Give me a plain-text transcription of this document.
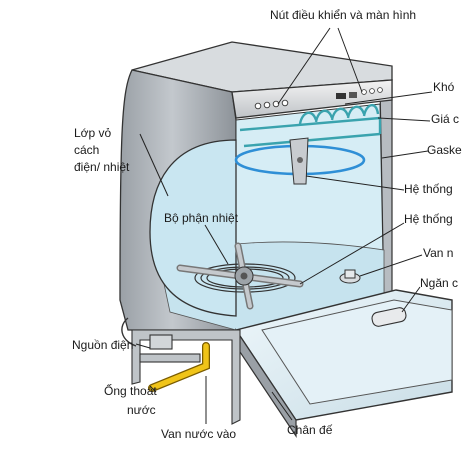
Nút điều khiển và màn hình
Khó
Giá c
Gaske
Hệ thống
Hệ thống
Lớp vỏ
cách
điện/ nhiệt
Bộ phận nhiệt
Van n
Ngăn c
Nguồn điện
Ống thoát
nước
Van nước vào	Chân đế
